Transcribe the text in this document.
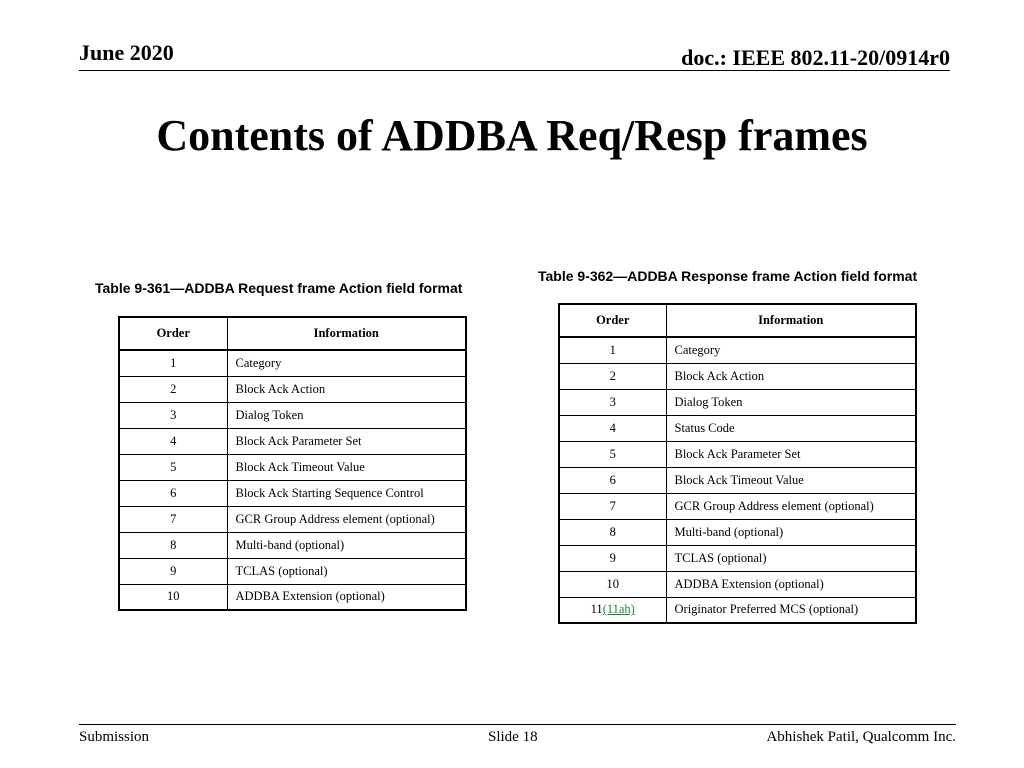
June 2020	doc.: IEEE 802.11-20/0914r0
Contents of ADDBA Req/Resp frames
Table 9-361—ADDBA Request frame Action field format
Order	Information
1	Category
2	Block Ack Action
3	Dialog Token
4	Block Ack Parameter Set
5	Block Ack Timeout Value
6	Block Ack Starting Sequence Control
7	GCR Group Address element (optional)
8	Multi-band (optional)
9	TCLAS (optional)
10	ADDBA Extension (optional)
Table 9-362—ADDBA Response frame Action field format
Order	Information
1	Category
2	Block Ack Action
3	Dialog Token
4	Status Code
5	Block Ack Parameter Set
6	Block Ack Timeout Value
7	GCR Group Address element (optional)
8	Multi-band (optional)
9	TCLAS (optional)
10	ADDBA Extension (optional)
11(11ah)	Originator Preferred MCS (optional)
Submission	Slide 18	Abhishek Patil, Qualcomm Inc.
